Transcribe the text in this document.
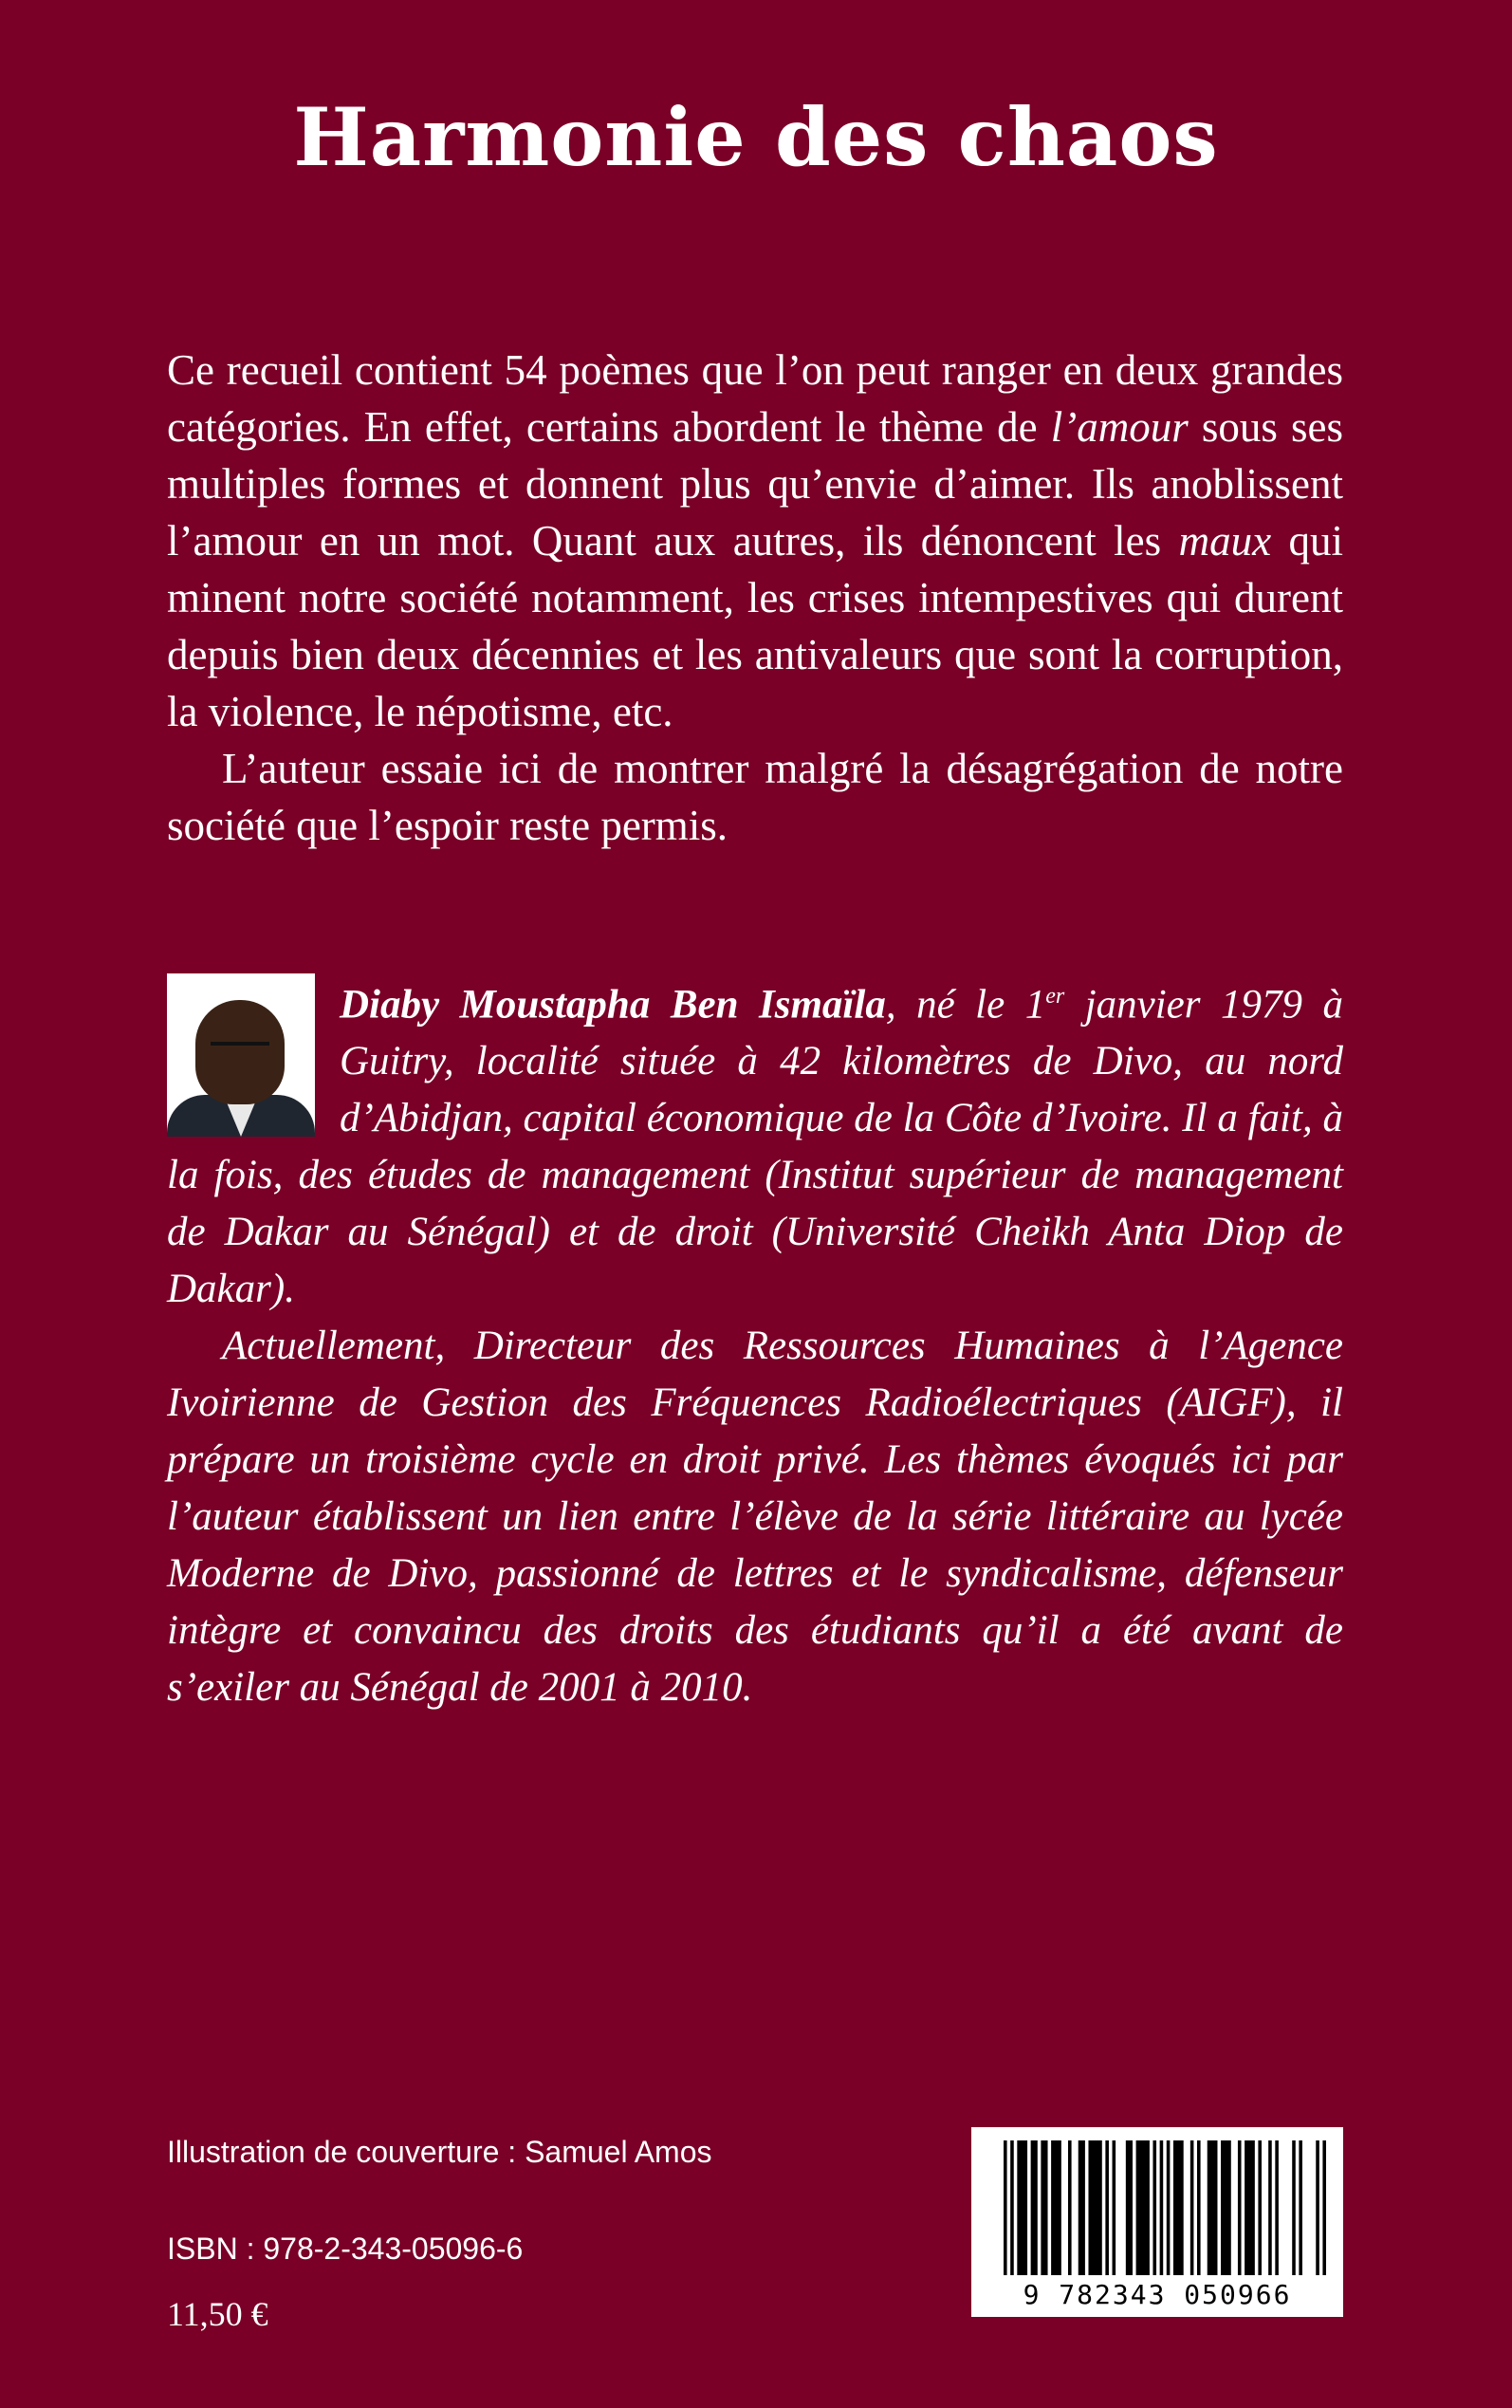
Harmonie des chaos

Ce recueil contient 54 poèmes que l’on peut ranger en deux grandes catégories. En effet, certains abordent le thème de l’amour sous ses multiples formes et donnent plus qu’envie d’aimer. Ils anoblissent l’amour en un mot. Quant aux autres, ils dénoncent les maux qui minent notre société notamment, les crises intempestives qui durent depuis bien deux décennies et les antivaleurs que sont la corruption, la violence, le népotisme, etc.

L’auteur essaie ici de montrer malgré la désagrégation de notre société que l’espoir reste permis.

Diaby Moustapha Ben Ismaïla, né le 1er janvier 1979 à Guitry, localité située à 42 kilomètres de Divo, au nord d’Abidjan, capital économique de la Côte d’Ivoire. Il a fait, à la fois, des études de management (Institut supérieur de management de Dakar au Sénégal) et de droit (Université Cheikh Anta Diop de Dakar).

Actuellement, Directeur des Ressources Humaines à l’Agence Ivoirienne de Gestion des Fréquences Radioélectriques (AIGF), il prépare un troisième cycle en droit privé. Les thèmes évoqués ici par l’auteur établissent un lien entre l’élève de la série littéraire au lycée Moderne de Divo, passionné de lettres et le syndicalisme, défenseur intègre et convaincu des droits des étudiants qu’il a été avant de s’exiler au Sénégal de 2001 à 2010.

Illustration de couverture : Samuel Amos
ISBN : 978-2-343-05096-6
11,50 €
9 782343 050966
